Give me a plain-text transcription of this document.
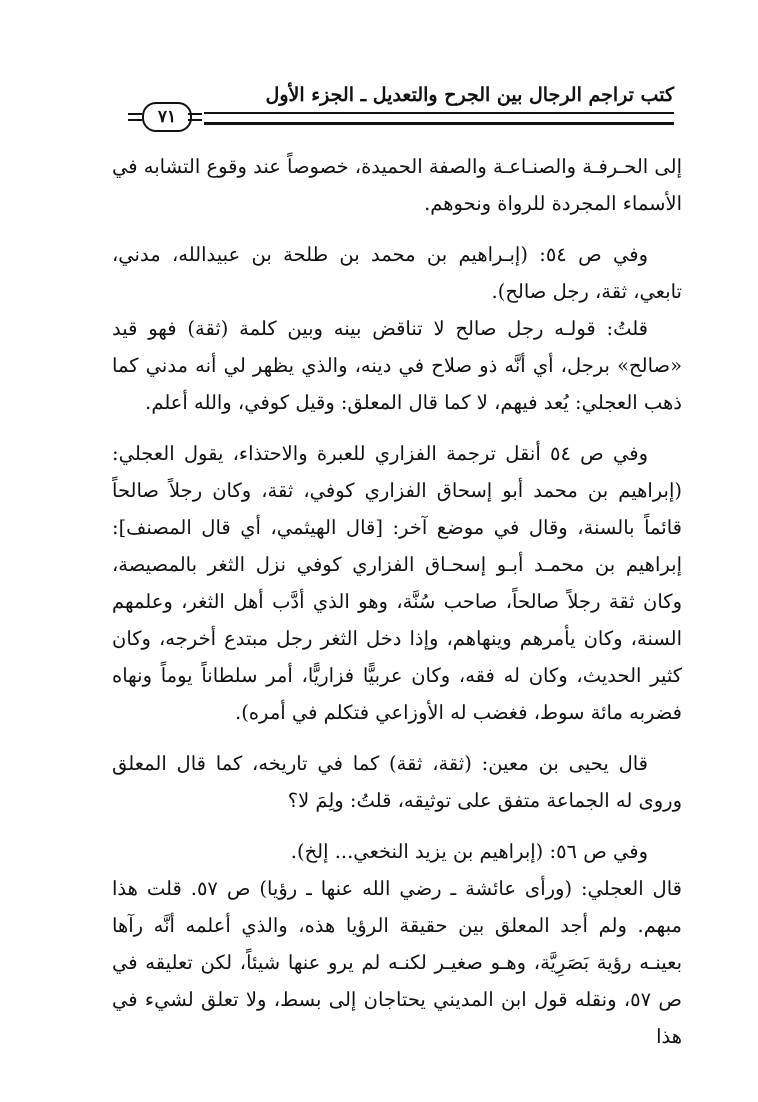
كتب تراجم الرجال بين الجرح والتعديل ـ الجزء الأول
٧١

إلى الحـرفـة والصنـاعـة والصفة الحميدة، خصوصاً عند وقوع التشابه في الأسماء المجردة للرواة ونحوهم.

وفي ص ٥٤: (إبـراهيم بن محمد بن طلحة بن عبيدالله، مدني، تابعي، ثقة، رجل صالح).

قلتُ: قولـه رجل صالح لا تناقض بينه وبين كلمة (ثقة) فهو قيد «صالح» برجل، أي أنَّه ذو صلاح في دينه، والذي يظهر لي أنه مدني كما ذهب العجلي: يُعد فيهم، لا كما قال المعلق: وقيل كوفي، والله أعلم.

وفي ص ٥٤ أنقل ترجمة الفزاري للعبرة والاحتذاء، يقول العجلي: (إبراهيم بن محمد أبو إسحاق الفزاري كوفي، ثقة، وكان رجلاً صالحاً قائماً بالسنة، وقال في موضع آخر: [قال الهيثمي، أي قال المصنف]: إبراهيم بن محمـد أبـو إسحـاق الفزاري كوفي نزل الثغر بالمصيصة، وكان ثقة رجلاً صالحاً، صاحب سُنَّة، وهو الذي أدَّب أهل الثغر، وعلمهم السنة، وكان يأمرهم وينهاهم، وإذا دخل الثغر رجل مبتدع أخرجه، وكان كثير الحديث، وكان له فقه، وكان عربيًّا فزاريًّا، أمر سلطاناً يوماً ونهاه فضربه مائة سوط، فغضب له الأوزاعي فتكلم في أمره).

قال يحيى بن معين: (ثقة، ثقة) كما في تاريخه، كما قال المعلق وروى له الجماعة متفق على توثيقه، قلتُ: ولِمَ لا؟

وفي ص ٥٦: (إبراهيم بن يزيد النخعي... إلخ).

قال العجلي: (ورأى عائشة ـ رضي الله عنها ـ رؤيا) ص ٥٧. قلت هذا مبهم. ولم أجد المعلق بين حقيقة الرؤيا هذه، والذي أعلمه أنَّه رآها بعينـه رؤية بَصَرِيَّة، وهـو صغيـر لكنـه لم يرو عنها شيئاً، لكن تعليقه في ص ٥٧، ونقله قول ابن المديني يحتاجان إلى بسط، ولا تعلق لشيء في هذا
